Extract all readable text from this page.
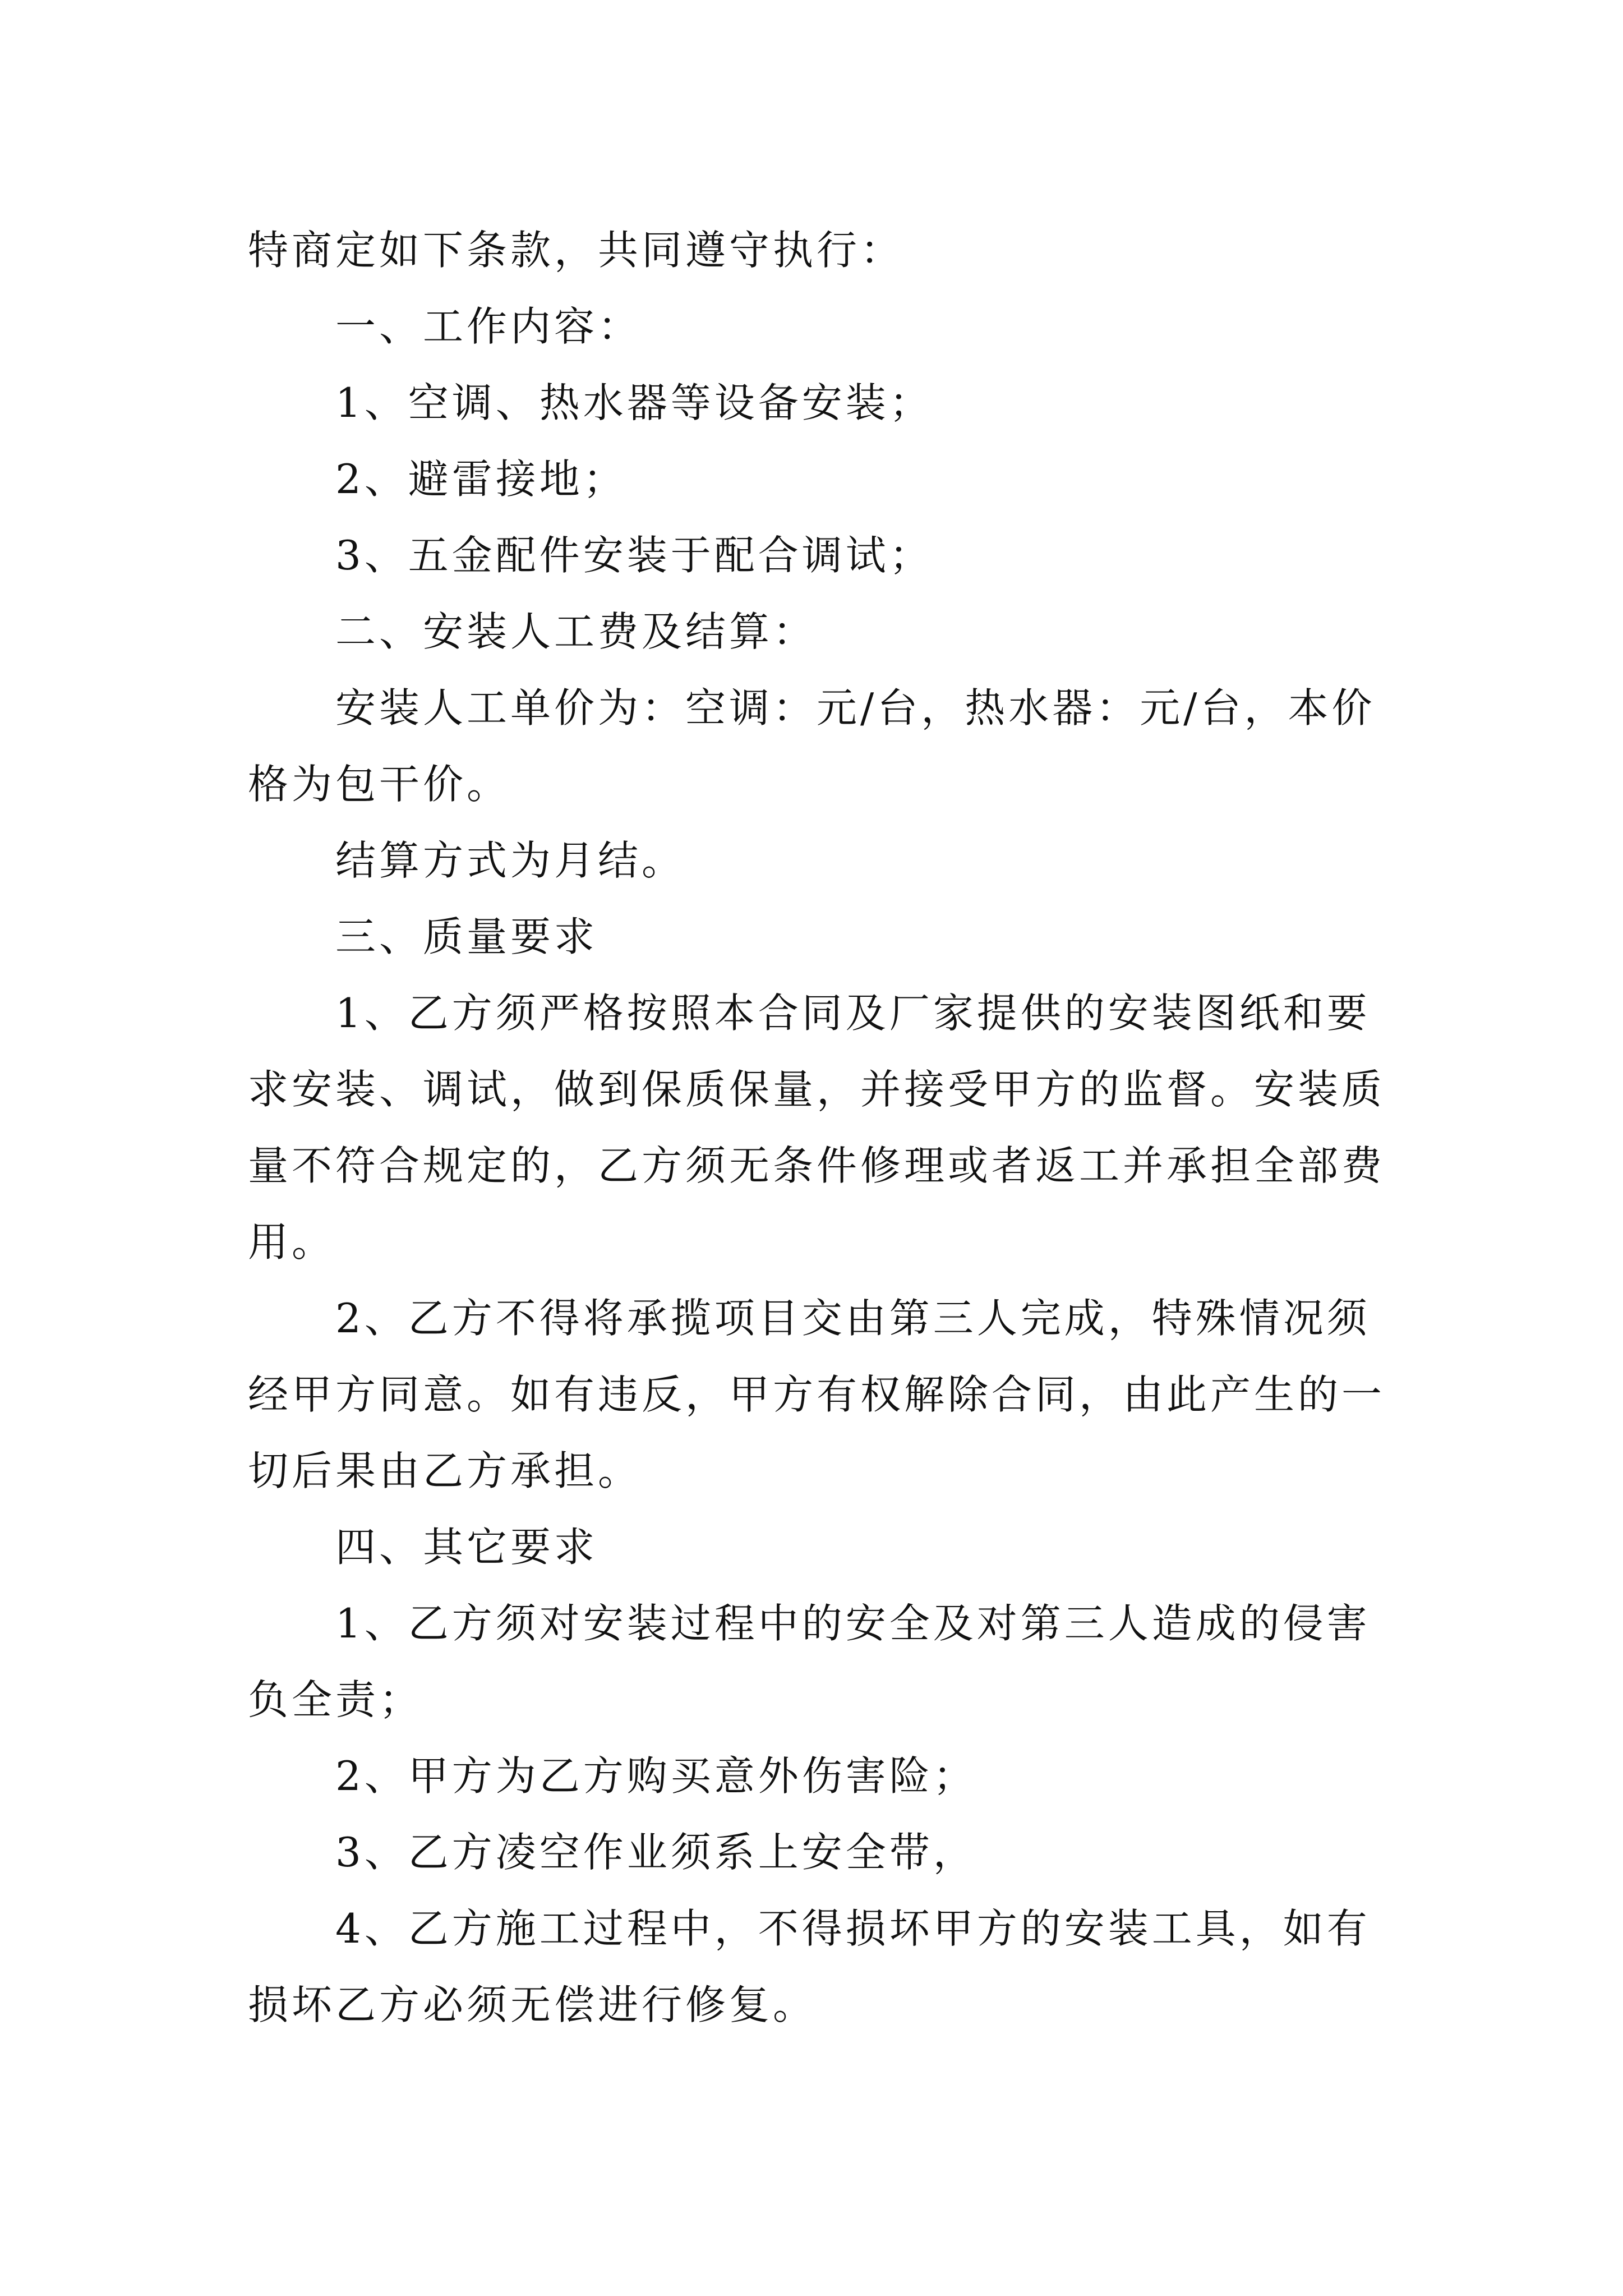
特商定如下条款，共同遵守执行：
一、工作内容：
1、空调、热水器等设备安装；
2、避雷接地；
3、五金配件安装于配合调试；
二、安装人工费及结算：
安装人工单价为：空调：元/台，热水器：元/台，本价
格为包干价。
结算方式为月结。
三、质量要求
1、乙方须严格按照本合同及厂家提供的安装图纸和要
求安装、调试，做到保质保量，并接受甲方的监督。安装质
量不符合规定的，乙方须无条件修理或者返工并承担全部费
用。
2、乙方不得将承揽项目交由第三人完成，特殊情况须
经甲方同意。如有违反，甲方有权解除合同，由此产生的一
切后果由乙方承担。
四、其它要求
1、乙方须对安装过程中的安全及对第三人造成的侵害
负全责；
2、甲方为乙方购买意外伤害险；
3、乙方凌空作业须系上安全带，
4、乙方施工过程中，不得损坏甲方的安装工具，如有
损坏乙方必须无偿进行修复。
